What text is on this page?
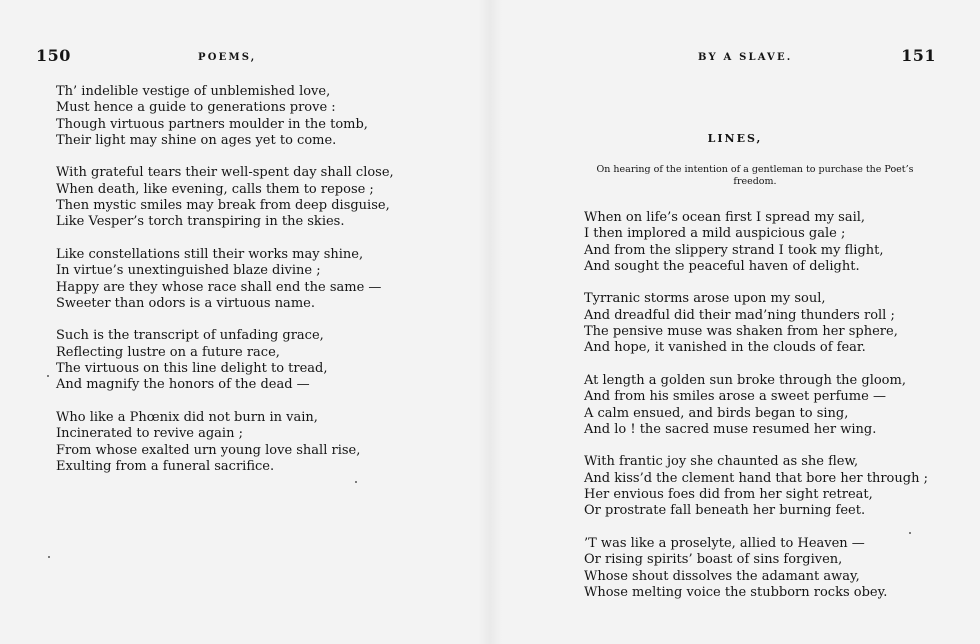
150	POEMS,
Th’ indelible vestige of unblemished love,
Must hence a guide to generations prove :
Though virtuous partners moulder in the tomb,
Their light may shine on ages yet to come.
With grateful tears their well-spent day shall close,
When death, like evening, calls them to repose ;
Then mystic smiles may break from deep disguise,
Like Vesper’s torch transpiring in the skies.
Like constellations still their works may shine,
In virtue’s unextinguished blaze divine ;
Happy are they whose race shall end the same —
Sweeter than odors is a virtuous name.
Such is the transcript of unfading grace,
Reflecting lustre on a future race,
The virtuous on this line delight to tread,
And magnify the honors of the dead —
Who like a Phœnix did not burn in vain,
Incinerated to revive again ;
From whose exalted urn young love shall rise,
Exulting from a funeral sacrifice.
151
BY A SLAVE.
LINES,
On hearing of the intention of a gentleman to purchase the Poet’s
freedom.
When on life’s ocean first I spread my sail,
I then implored a mild auspicious gale ;
And from the slippery strand I took my flight,
And sought the peaceful haven of delight.
Tyrranic storms arose upon my soul,
And dreadful did their mad’ning thunders roll ;
The pensive muse was shaken from her sphere,
And hope, it vanished in the clouds of fear.
At length a golden sun broke through the gloom,
And from his smiles arose a sweet perfume —
A calm ensued, and birds began to sing,
And lo ! the sacred muse resumed her wing.
With frantic joy she chaunted as she flew,
And kiss’d the clement hand that bore her through ;
Her envious foes did from her sight retreat,
Or prostrate fall beneath her burning feet.
’T was like a proselyte, allied to Heaven —
Or rising spirits’ boast of sins forgiven,
Whose shout dissolves the adamant away,
Whose melting voice the stubborn rocks obey.
